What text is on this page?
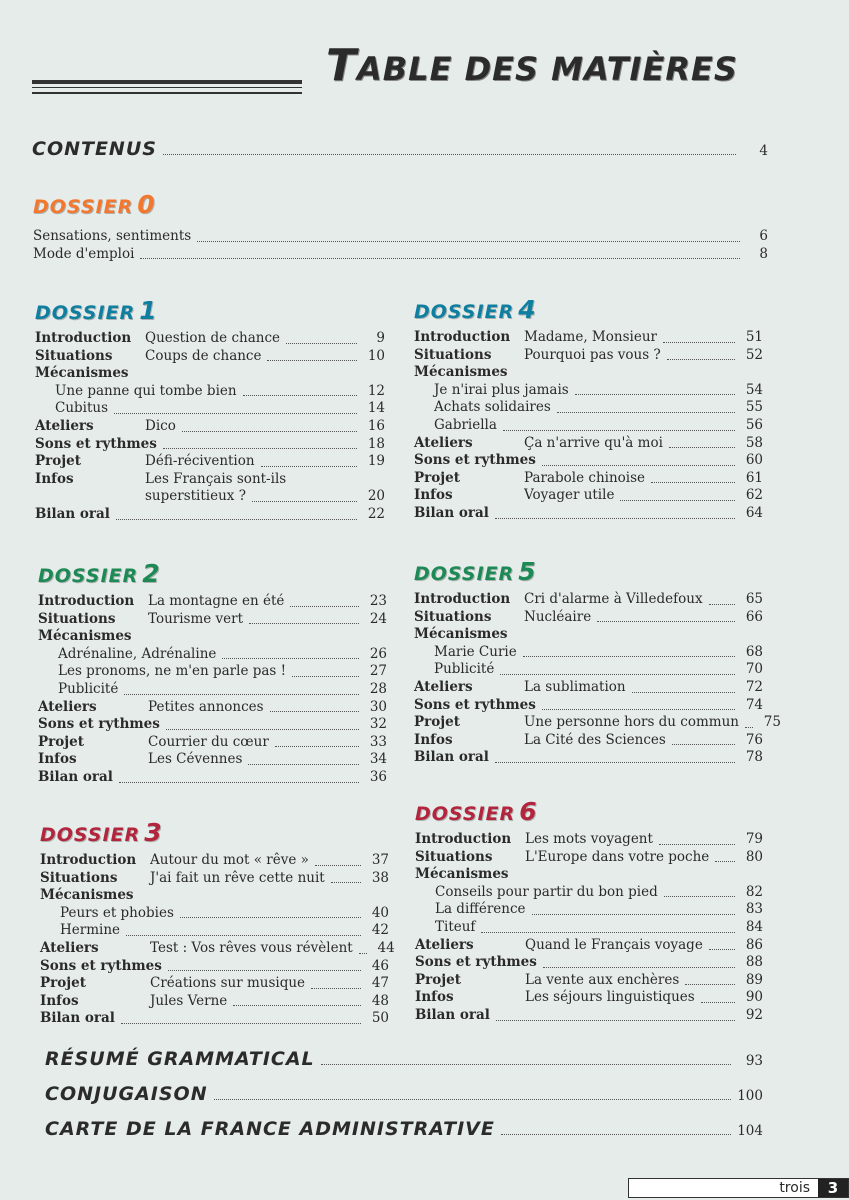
TABLE DES MATIÈRES
CONTENUS	4
DOSSIER 0
Sensations, sentiments	6
Mode d'emploi	8
DOSSIER 1
Introduction	Question de chance	9
Situations	Coups de chance	10
Mécanismes
Une panne qui tombe bien	12
Cubitus	14
Ateliers	Dico	16
Sons et rythmes	18
Projet	Défi-récivention	19
Infos	Les Français sont-ils
superstitieux ?	20
Bilan oral	22
DOSSIER 2
Introduction	La montagne en été	23
Situations	Tourisme vert	24
Mécanismes
Adrénaline, Adrénaline	26
Les pronoms, ne m'en parle pas !	27
Publicité	28
Ateliers	Petites annonces	30
Sons et rythmes	32
Projet	Courrier du cœur	33
Infos	Les Cévennes	34
Bilan oral	36
DOSSIER 3
Introduction	Autour du mot « rêve »	37
Situations	J'ai fait un rêve cette nuit	38
Mécanismes
Peurs et phobies	40
Hermine	42
Ateliers	Test : Vos rêves vous révèlent	44
Sons et rythmes	46
Projet	Créations sur musique	47
Infos	Jules Verne	48
Bilan oral	50
DOSSIER 4
Introduction	Madame, Monsieur	51
Situations	Pourquoi pas vous ?	52
Mécanismes
Je n'irai plus jamais	54
Achats solidaires	55
Gabriella	56
Ateliers	Ça n'arrive qu'à moi	58
Sons et rythmes	60
Projet	Parabole chinoise	61
Infos	Voyager utile	62
Bilan oral	64
DOSSIER 5
Introduction	Cri d'alarme à Villedefoux	65
Situations	Nucléaire	66
Mécanismes
Marie Curie	68
Publicité	70
Ateliers	La sublimation	72
Sons et rythmes	74
Projet	Une personne hors du commun	75
Infos	La Cité des Sciences	76
Bilan oral	78
DOSSIER 6
Introduction	Les mots voyagent	79
Situations	L'Europe dans votre poche	80
Mécanismes
Conseils pour partir du bon pied	82
La différence	83
Titeuf	84
Ateliers	Quand le Français voyage	86
Sons et rythmes	88
Projet	La vente aux enchères	89
Infos	Les séjours linguistiques	90
Bilan oral	92
RÉSUMÉ GRAMMATICAL	93
CONJUGAISON	100
CARTE DE LA FRANCE ADMINISTRATIVE	104
trois	3
